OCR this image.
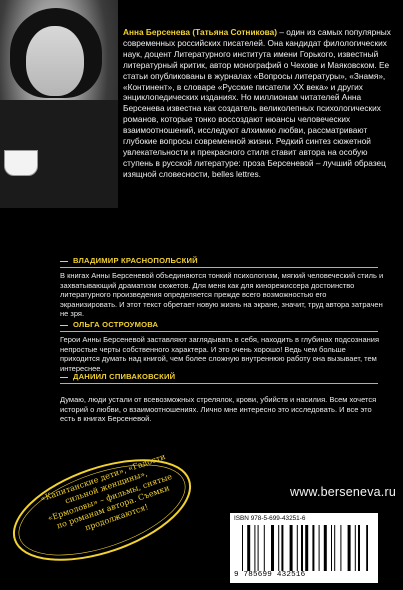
Анна Берсенева (Татьяна Сотникова) – один из самых популярных современных российских писателей. Она кандидат филологических наук, доцент Литературного института имени Горького, известный литературный критик, автор монографий о Чехове и Маяковском. Ее статьи опубликованы в журналах «Вопросы литературы», «Знамя», «Континент», в словаре «Русские писатели XX века» и других энциклопедических изданиях. Но миллионам читателей Анна Берсенева известна как создатель великолепных психологических романов, которые тонко воссоздают нюансы человеческих взаимоотношений, исследуют алхимию любви, рассматривают глубокие вопросы современной жизни. Редкий синтез сюжетной увлекательности и прекрасного стиля ставит автора на особую ступень в русской литературе: проза Берсеневой – лучший образец изящной словесности, belles lettres.
ВЛАДИМИР КРАСНОПОЛЬСКИЙ
В книгах Анны Берсеневой объединяются тонкий психологизм, мягкий человеческий стиль и захватывающий драматизм сюжетов. Для меня как для кинорежиссера достоинство литературного произведения определяется прежде всего возможностью его экранизировать. И этот текст обретает новую жизнь на экране, значит, труд автора затрачен не зря.
ОЛЬГА ОСТРОУМОВА
Герои Анны Берсеневой заставляют заглядывать в себя, находить в глубинах подсознания непростые черты собственного характера. И это очень хорошо! Ведь чем больше приходится думать над книгой, чем более сложную внутреннюю работу она вызывает, тем интереснее.
ДАНИИЛ СПИВАКОВСКИЙ
Думаю, люди устали от всевозможных стрелялок, крови, убийств и насилия. Всем хочется историй о любви, о взаимоотношениях. Лично мне интересно это исследовать. И все это есть в книгах Берсеневой.
www.berseneva.ru
ISBN 978-5-699-43251-6
9 785699 432516
«Капитанские дети», «Гадости сильной женщины», «Ермоловы» – фильмы, снятые по романам автора. Съемки продолжаются!
